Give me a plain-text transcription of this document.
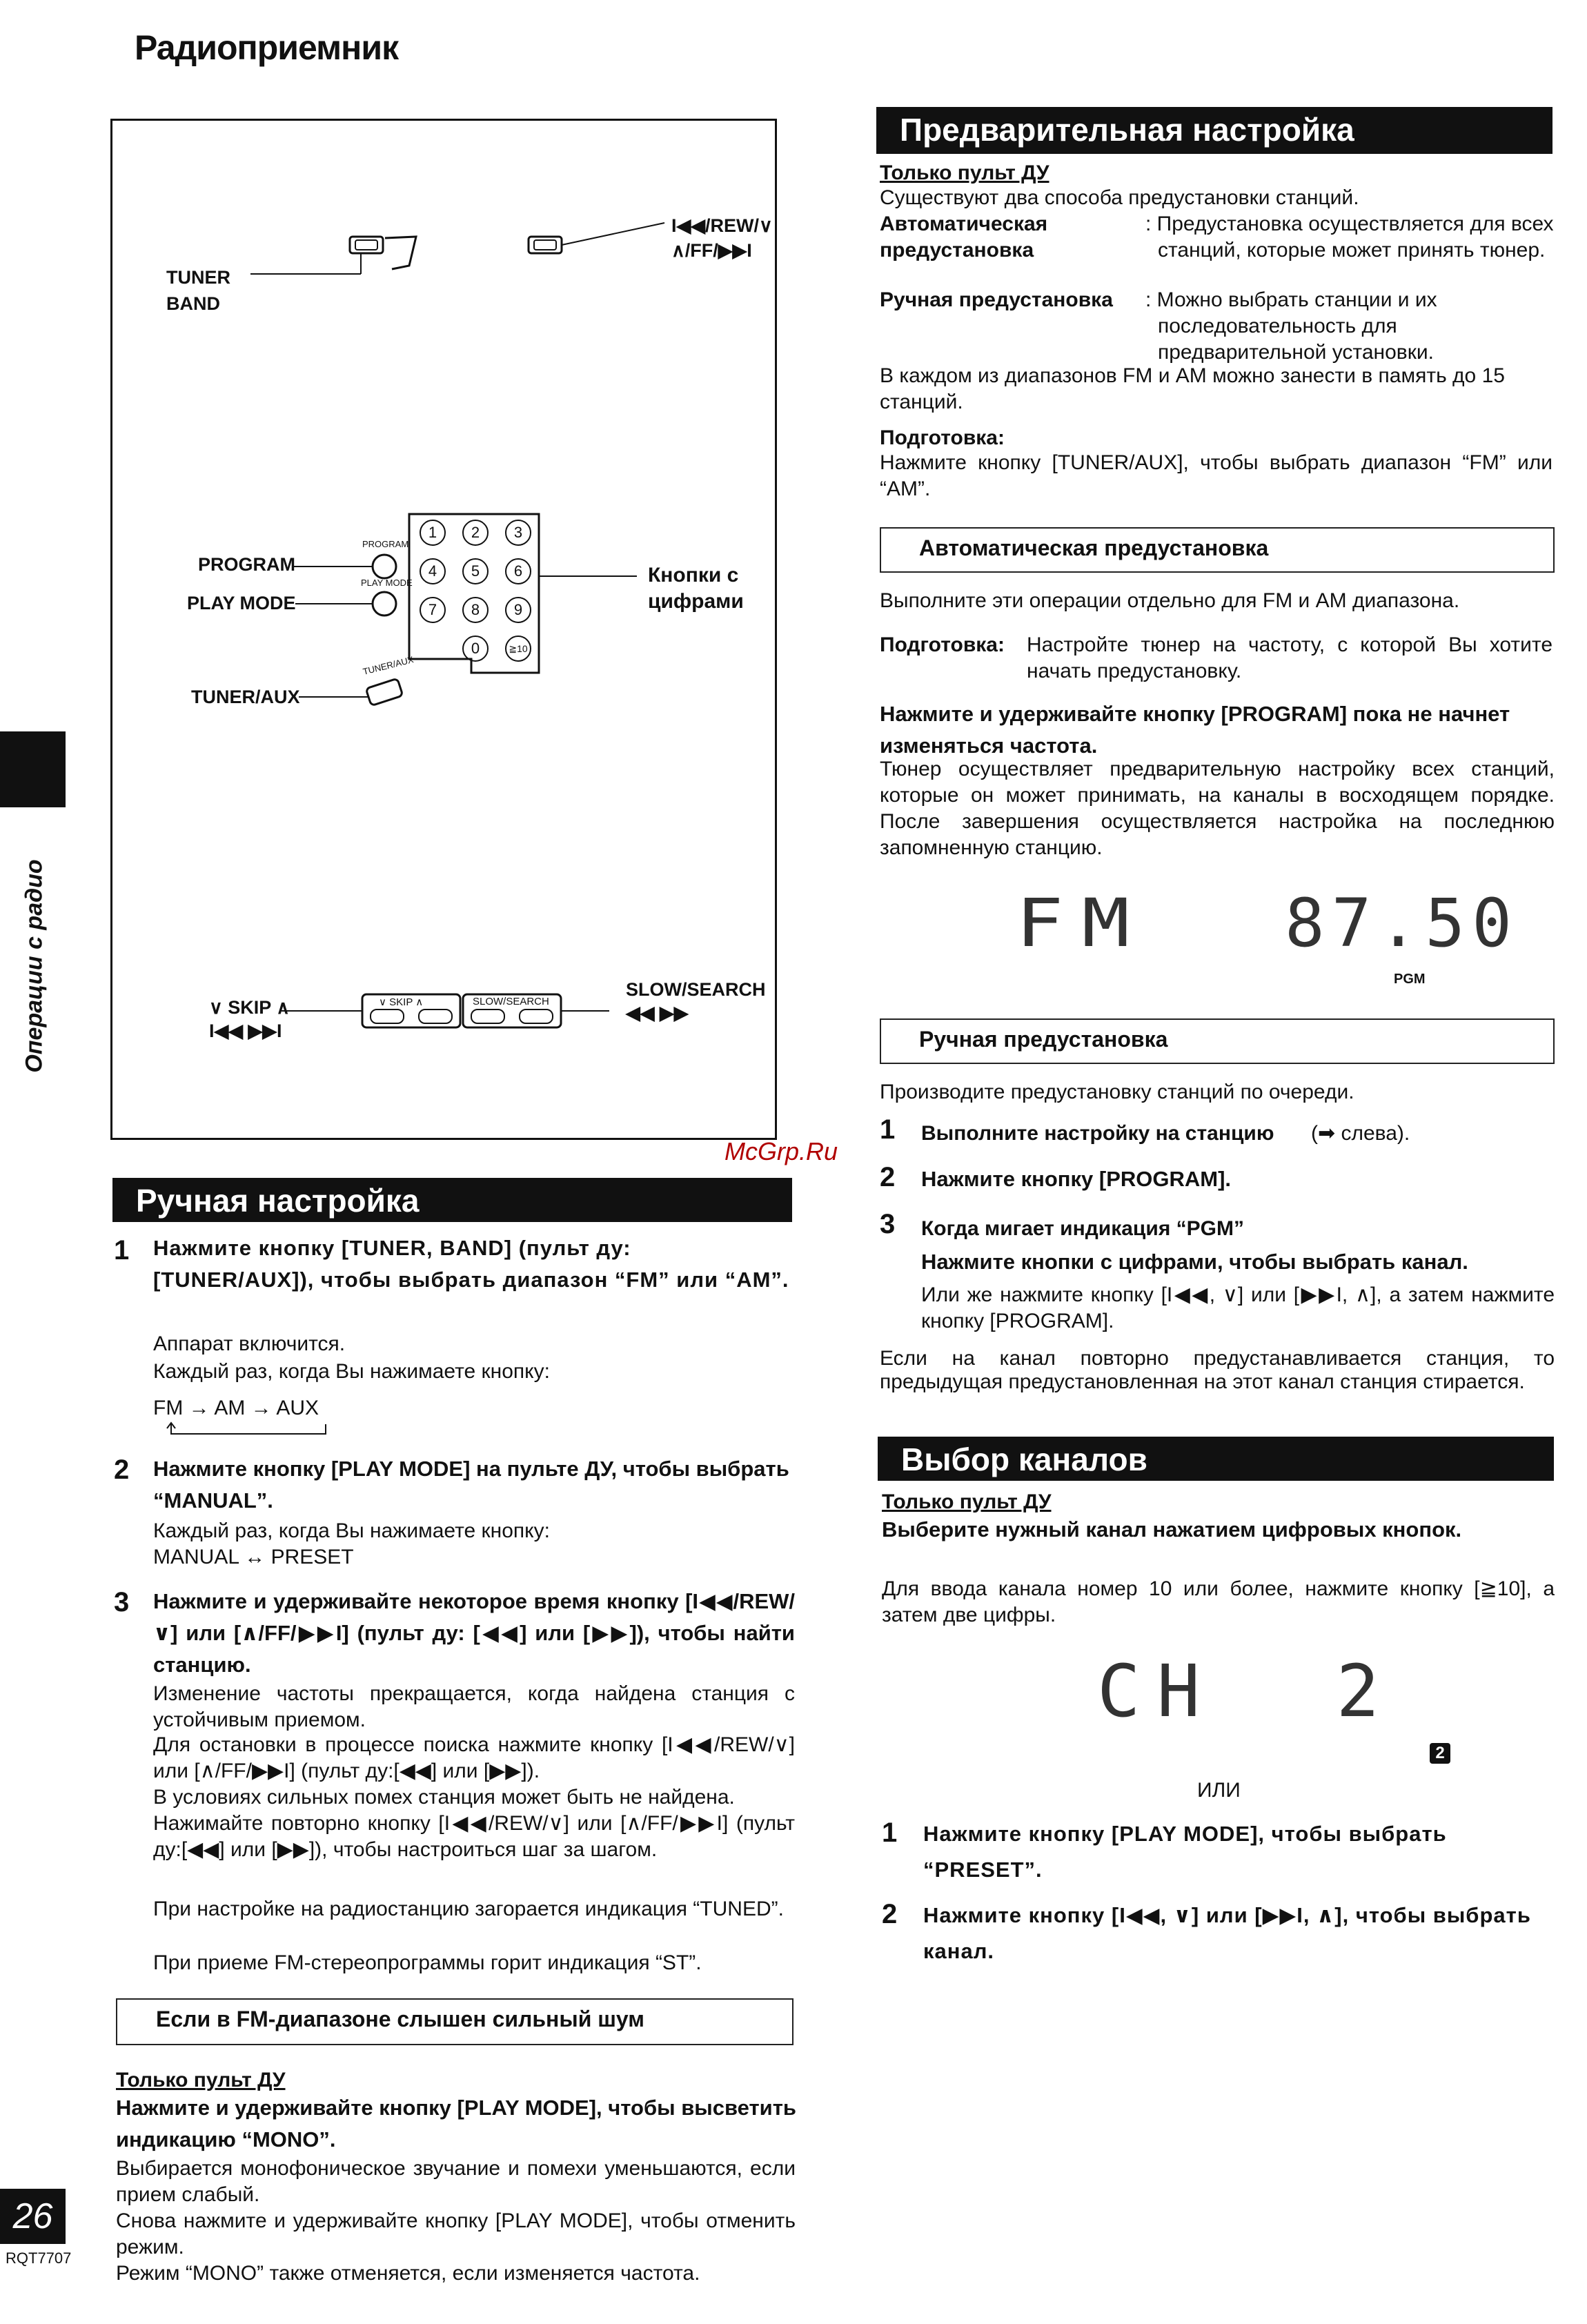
Радиоприемник
Операции с радио
1	2	3
4	5	6
7	8	9
0	≧10
PROGRAM
PLAY MODE
TUNER/AUX
∨ SKIP ∧	SLOW/SEARCH
TUNER
BAND
I◀◀/REW/∨
∧/FF/▶▶I
PROGRAM
PLAY MODE
TUNER/AUX
Кнопки с
цифрами
∨ SKIP ∧
I◀◀ ▶▶I
SLOW/SEARCH
◀◀ ▶▶
McGrp.Ru
Ручная настройка
1 Нажмите кнопку [TUNER, BAND] (пульт ду: [TUNER/AUX]), чтобы выбрать диапазон “FM” или “AM”.
Аппарат включится.
Каждый раз, когда Вы нажимаете кнопку:
FM → AM → AUX
2 Нажмите кнопку [PLAY MODE] на пульте ДУ, чтобы выбрать “MANUAL”.
Каждый раз, когда Вы нажимаете кнопку:
MANUAL ↔ PRESET
3 Нажмите и удерживайте некоторое время кнопку [I◀◀/REW/∨] или [∧/FF/▶▶I] (пульт ду: [◀◀] или [▶▶]), чтобы найти станцию.
Изменение частоты прекращается, когда найдена станция с устойчивым приемом.
Для остановки в процессе поиска нажмите кнопку [I◀◀/REW/∨] или [∧/FF/▶▶I] (пульт ду:[◀◀] или [▶▶]).
В условиях сильных помех станция может быть не найдена.
Нажимайте повторно кнопку [I◀◀/REW/∨] или [∧/FF/▶▶I] (пульт ду:[◀◀] или [▶▶]), чтобы настроиться шаг за шагом.
При настройке на радиостанцию загорается индикация “TUNED”.
При приеме FM-стереопрограммы горит индикация “ST”.
Если в FM-диапазоне слышен сильный шум
Только пульт ДУ
Нажмите и удерживайте кнопку [PLAY MODE], чтобы высветить индикацию “MONO”.
Выбирается монофоническое звучание и помехи уменьшаются, если прием слабый.
Снова нажмите и удерживайте кнопку [PLAY MODE], чтобы отменить режим.
Режим “MONO” также отменяется, если изменяется частота.
26
RQT7707
Предварительная настройка
Только пульт ДУ
Существуют два способа предустановки станций.
Автоматическая предустановка
: Предустановка осуществляется для всех станций, которые может принять тюнер.
Ручная предустановка : Можно выбрать станции и их последовательность для предварительной установки.
В каждом из диапазонов FM и AM можно занести в память до 15 станций.
Подготовка:
Нажмите кнопку [TUNER/AUX], чтобы выбрать диапазон “FM” или “AM”.
Автоматическая предустановка
Выполните эти операции отдельно для FM и AM диапазона.
Подготовка: Настройте тюнер на частоту, с которой Вы хотите начать предустановку.
Нажмите и удерживайте кнопку [PROGRAM] пока не начнет изменяться частота.
Тюнер осуществляет предварительную настройку всех станций, которые он может принимать, на каналы в восходящем порядке. После завершения осуществляется настройка на последнюю запомненную станцию.
FM 87.50
PGM
Ручная предустановка
Производите предустановку станций по очереди.
1 Выполните настройку на станцию (➡ слева).
2 Нажмите кнопку [PROGRAM].
3 Когда мигает индикация “PGM”
Нажмите кнопки с цифрами, чтобы выбрать канал.
Или же нажмите кнопку [I◀◀, ∨] или [▶▶I, ∧], а затем нажмите кнопку [PROGRAM].
Если на канал повторно предустанавливается станция, то предыдущая предустановленная на этот канал станция стирается.
Выбор каналов
Только пульт ДУ
Выберите нужный канал нажатием цифровых кнопок.
Для ввода канала номер 10 или более, нажмите кнопку [≧10], а затем две цифры.
CH  2
2
ИЛИ
1 Нажмите кнопку [PLAY MODE], чтобы выбрать “PRESET”.
2 Нажмите кнопку [I◀◀, ∨] или [▶▶I, ∧], чтобы выбрать канал.
